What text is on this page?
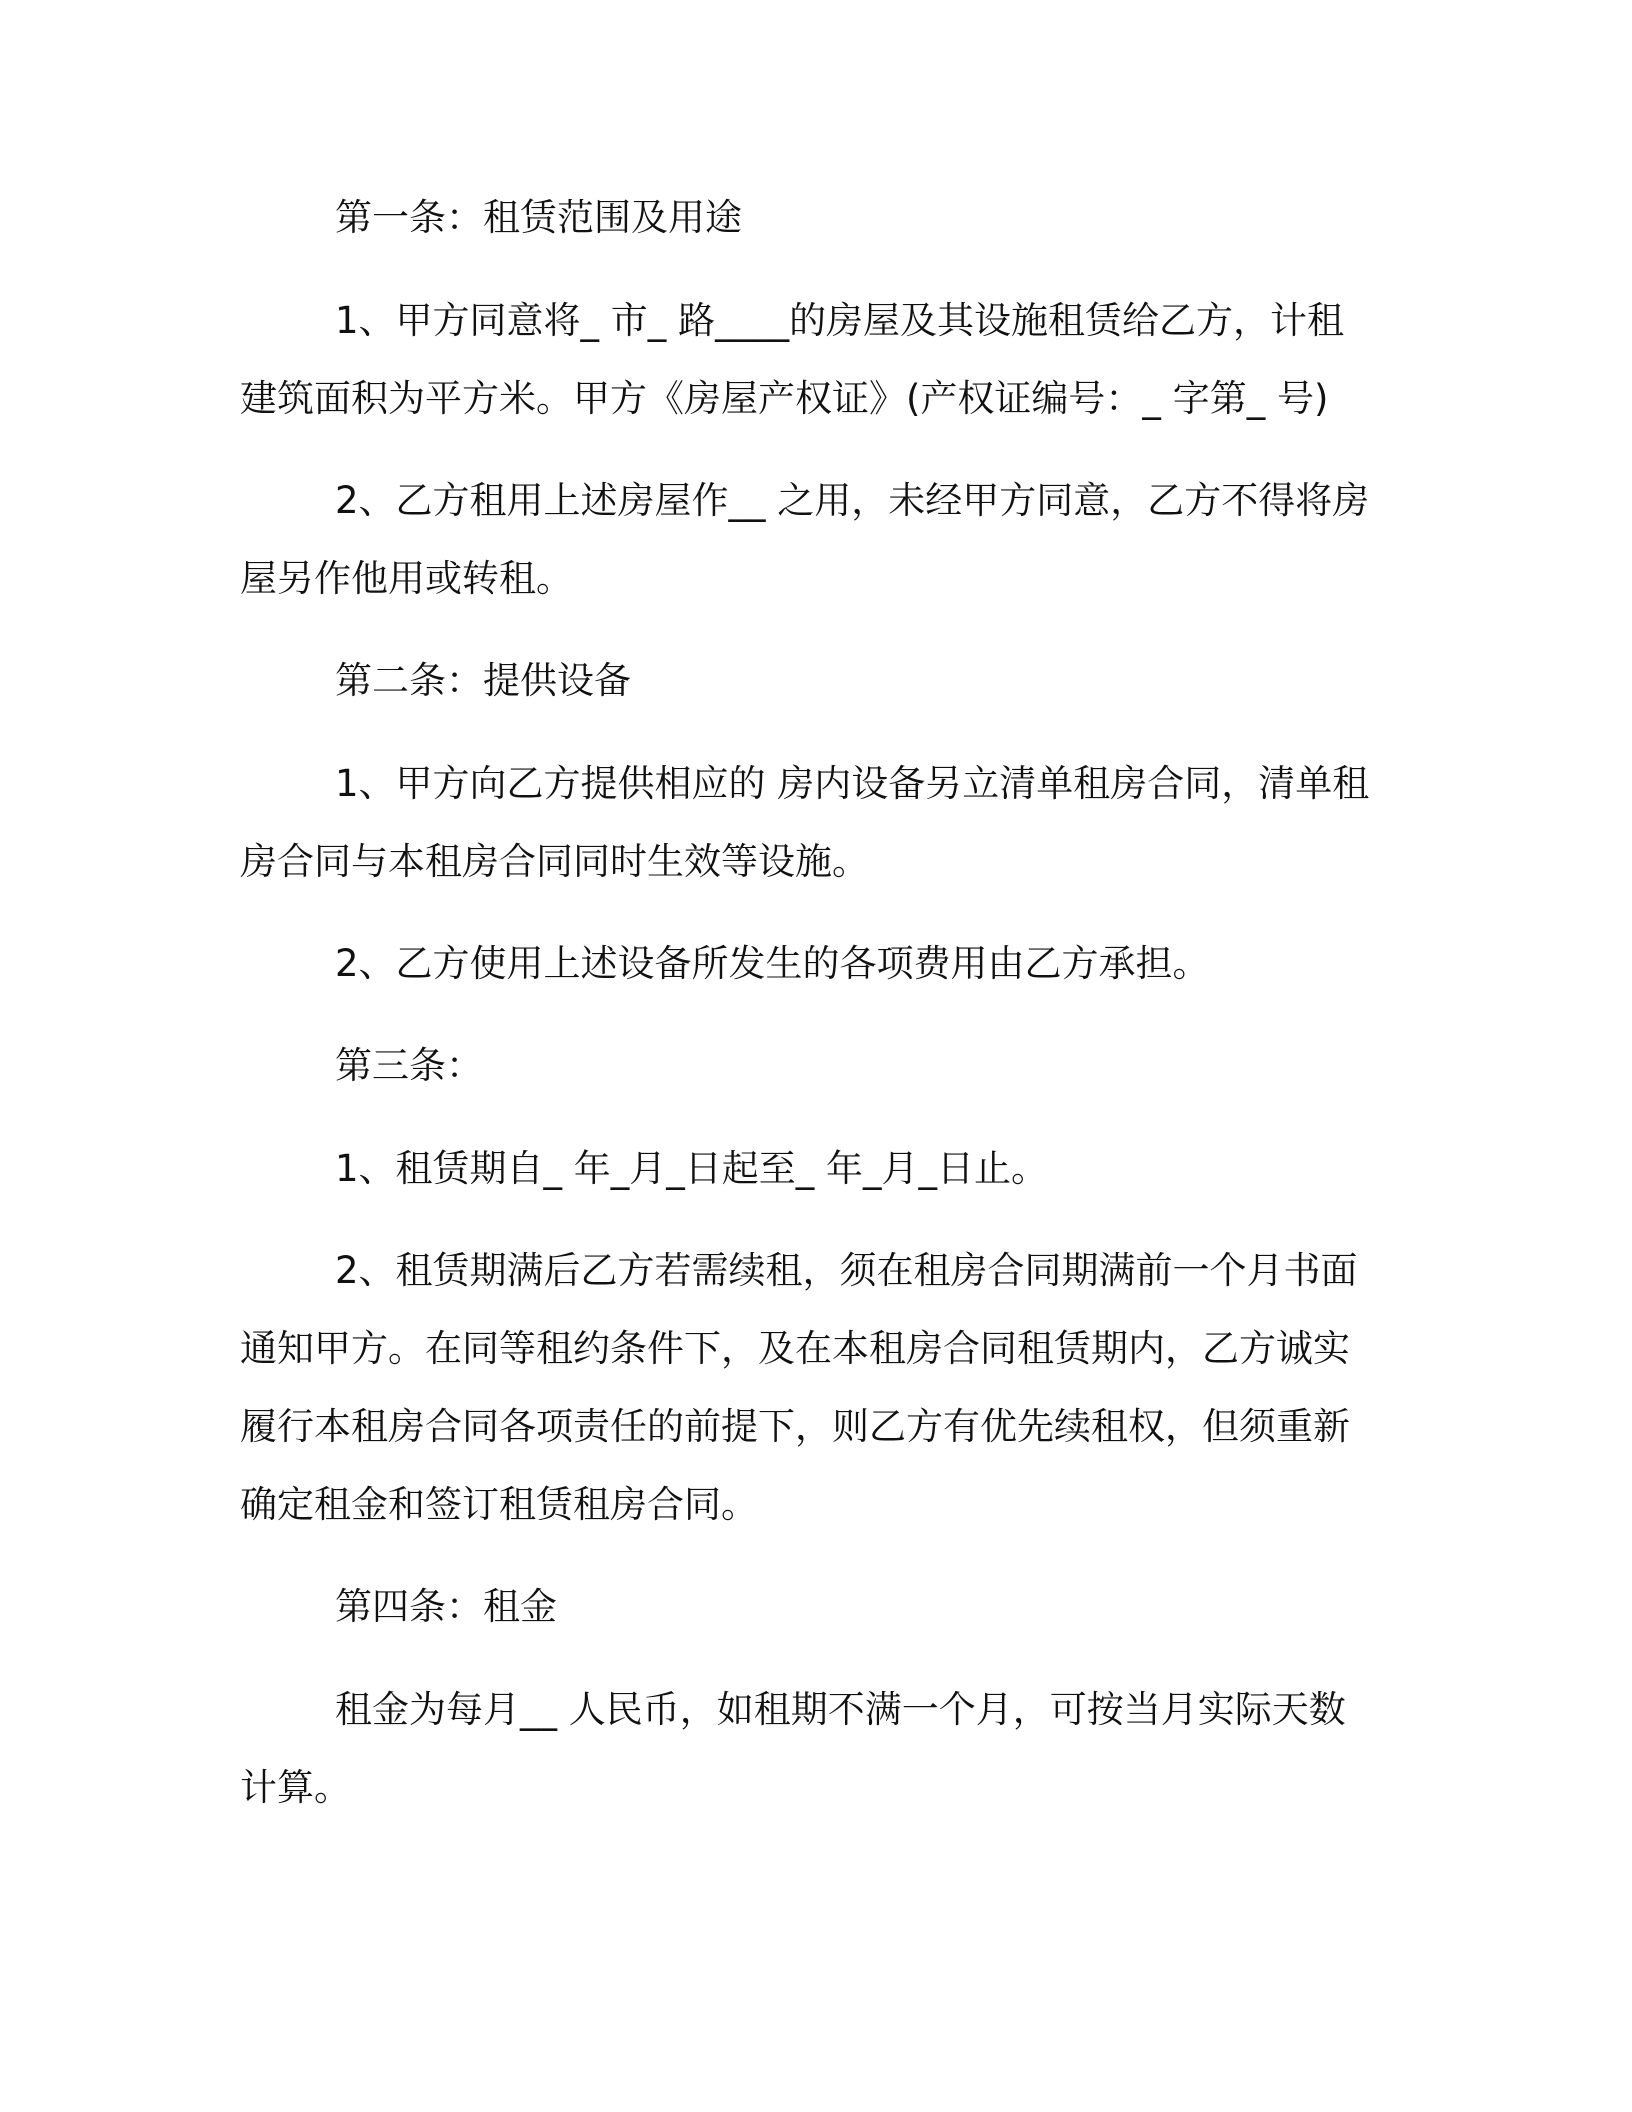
第一条：租赁范围及用途

1、甲方同意将_ 市_ 路____的房屋及其设施租赁给乙方，计租

建筑面积为平方米。甲方《房屋产权证》(产权证编号：_ 字第_ 号)

2、乙方租用上述房屋作__ 之用，未经甲方同意，乙方不得将房

屋另作他用或转租。

第二条：提供设备

1、甲方向乙方提供相应的 房内设备另立清单租房合同，清单租

房合同与本租房合同同时生效等设施。

2、乙方使用上述设备所发生的各项费用由乙方承担。

第三条：

1、租赁期自_ 年_月_日起至_ 年_月_日止。

2、租赁期满后乙方若需续租，须在租房合同期满前一个月书面

通知甲方。在同等租约条件下，及在本租房合同租赁期内，乙方诚实

履行本租房合同各项责任的前提下，则乙方有优先续租权，但须重新

确定租金和签订租赁租房合同。

第四条：租金

租金为每月__ 人民币，如租期不满一个月，可按当月实际天数

计算。
